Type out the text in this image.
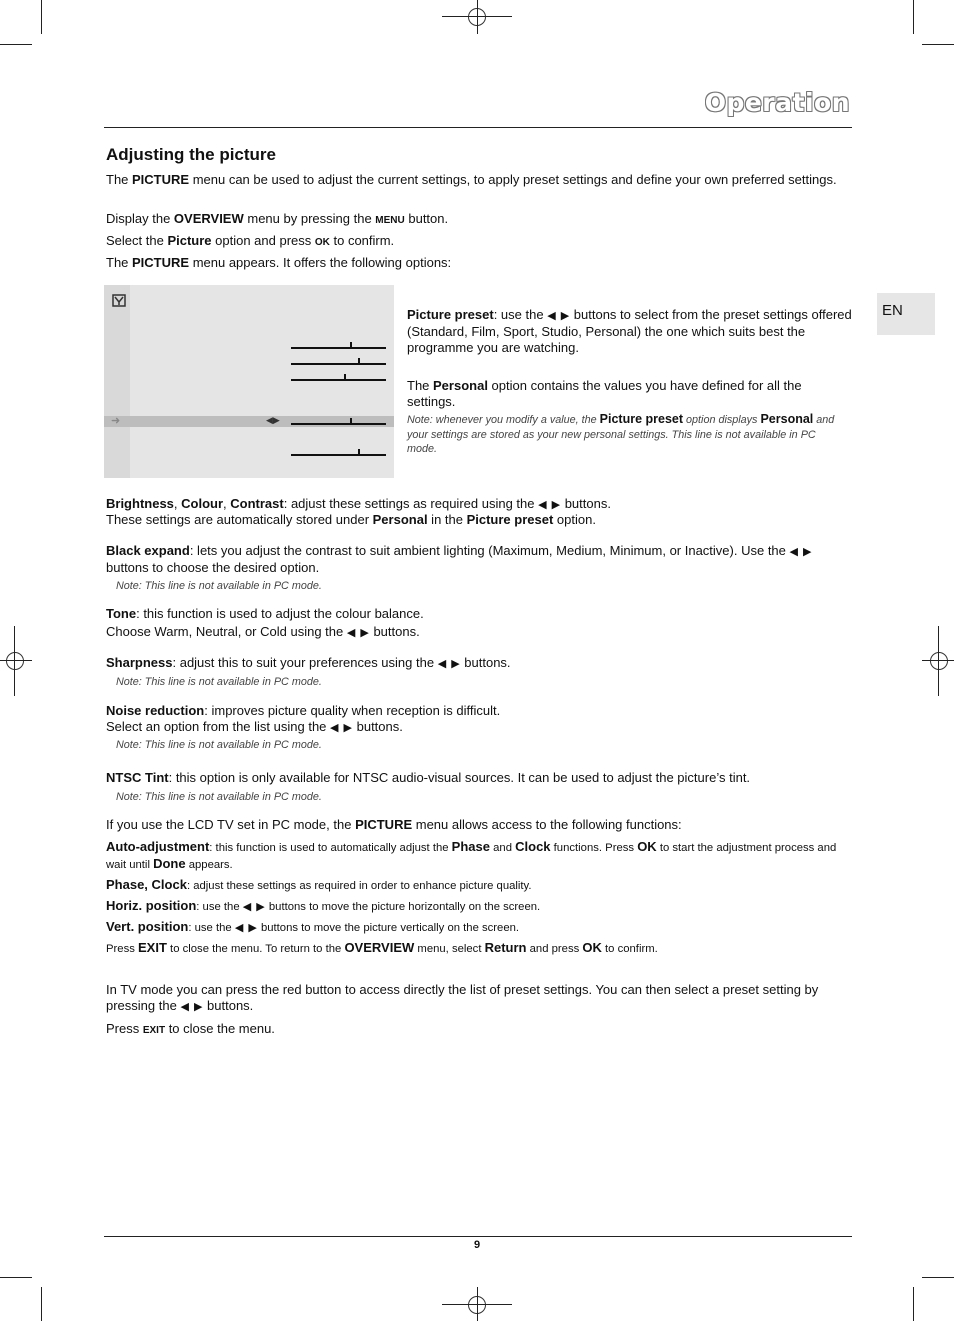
Operation
Adjusting the picture
The PICTURE menu can be used to adjust the current settings, to apply preset settings and define your own preferred settings.
Display the OVERVIEW menu by pressing the MENU button.
Select the Picture option and press OK to confirm.
The PICTURE menu appears. It offers the following options:
➜	◀▶
EN
Picture preset: use the ◀ ▶ buttons to select from the preset settings offered (Standard, Film, Sport, Studio, Personal) the one which suits best the programme you are watching.
The Personal option contains the values you have defined for all the settings.
Note: whenever you modify a value, the Picture preset option displays Personal and your settings are stored as your new personal settings. This line is not available in PC mode.
Brightness, Colour, Contrast: adjust these settings as required using the ◀ ▶ buttons.
These settings are automatically stored under Personal in the Picture preset option.
Black expand: lets you adjust the contrast to suit ambient lighting (Maximum, Medium, Minimum, or Inactive). Use the ◀ ▶ buttons to choose the desired option.
Note: This line is not available in PC mode.
Tone: this function is used to adjust the colour balance.
Choose Warm, Neutral, or Cold using the ◀ ▶ buttons.
Sharpness: adjust this to suit your preferences using the ◀ ▶ buttons.
Note: This line is not available in PC mode.
Noise reduction: improves picture quality when reception is difficult.
Select an option from the list using the ◀ ▶ buttons.
Note: This line is not available in PC mode.
NTSC Tint: this option is only available for NTSC audio-visual sources. It can be used to adjust the picture’s tint.
Note: This line is not available in PC mode.
If you use the LCD TV set in PC mode, the PICTURE menu allows access to the following functions:
Auto-adjustment: this function is used to automatically adjust the Phase and Clock functions. Press OK to start the adjustment process and wait until Done appears.
Phase, Clock: adjust these settings as required in order to enhance picture quality.
Horiz. position: use the ◀ ▶ buttons to move the picture horizontally on the screen.
Vert. position: use the ◀ ▶ buttons to move the picture vertically on the screen.
Press EXIT to close the menu. To return to the OVERVIEW menu, select Return and press OK to confirm.
In TV mode you can press the red button to access directly the list of preset settings. You can then select a preset setting by pressing the ◀ ▶ buttons.
Press EXIT to close the menu.
9
